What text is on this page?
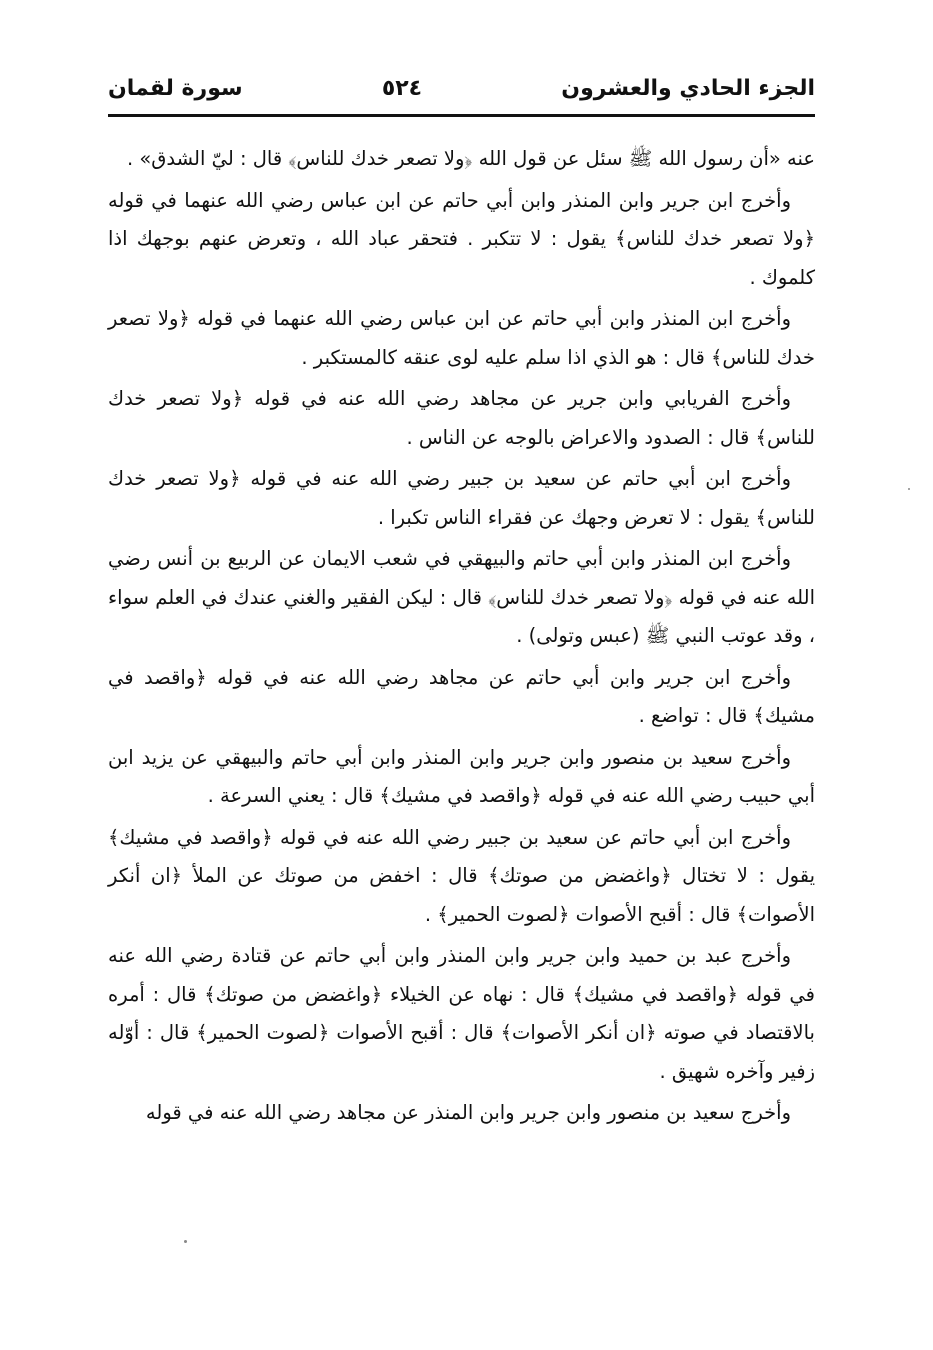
الجزء الحادي والعشرون
٥٢٤
سورة لقمان

عنه «أن رسول الله ﷺ سئل عن قول الله ﴿ولا تصعر خدك للناس﴾ قال : ليّ الشدق» .

وأخرج ابن جرير وابن المنذر وابن أبي حاتم عن ابن عباس رضي الله عنهما في قوله ﴿ولا تصعر خدك للناس﴾ يقول : لا تتكبر . فتحقر عباد الله ، وتعرض عنهم بوجهك اذا كلموك .

وأخرج ابن المنذر وابن أبي حاتم عن ابن عباس رضي الله عنهما في قوله ﴿ولا تصعر خدك للناس﴾ قال : هو الذي اذا سلم عليه لوى عنقه كالمستكبر .

وأخرج الفريابي وابن جرير عن مجاهد رضي الله عنه في قوله ﴿ولا تصعر خدك للناس﴾ قال : الصدود والاعراض بالوجه عن الناس .

وأخرج ابن أبي حاتم عن سعيد بن جبير رضي الله عنه في قوله ﴿ولا تصعر خدك للناس﴾ يقول : لا تعرض وجهك عن فقراء الناس تكبرا .

وأخرج ابن المنذر وابن أبي حاتم والبيهقي في شعب الايمان عن الربيع بن أنس رضي الله عنه في قوله ﴿ولا تصعر خدك للناس﴾ قال : ليكن الفقير والغني عندك في العلم سواء ، وقد عوتب النبي ﷺ (عبس وتولى) .

وأخرج ابن جرير وابن أبي حاتم عن مجاهد رضي الله عنه في قوله ﴿واقصد في مشيك﴾ قال : تواضع .

وأخرج سعيد بن منصور وابن جرير وابن المنذر وابن أبي حاتم والبيهقي عن يزيد ابن أبي حبيب رضي الله عنه في قوله ﴿واقصد في مشيك﴾ قال : يعني السرعة .

وأخرج ابن أبي حاتم عن سعيد بن جبير رضي الله عنه في قوله ﴿واقصد في مشيك﴾ يقول : لا تختال ﴿واغضض من صوتك﴾ قال : اخفض من صوتك عن الملأ ﴿ان أنكر الأصوات﴾ قال : أقبح الأصوات ﴿لصوت الحمير﴾ .

وأخرج عبد بن حميد وابن جرير وابن المنذر وابن أبي حاتم عن قتادة رضي الله عنه في قوله ﴿واقصد في مشيك﴾ قال : نهاه عن الخيلاء ﴿واغضض من صوتك﴾ قال : أمره بالاقتصاد في صوته ﴿ان أنكر الأصوات﴾ قال : أقبح الأصوات ﴿لصوت الحمير﴾ قال : أوّله زفير وآخره شهيق .

وأخرج سعيد بن منصور وابن جرير وابن المنذر عن مجاهد رضي الله عنه في قوله
